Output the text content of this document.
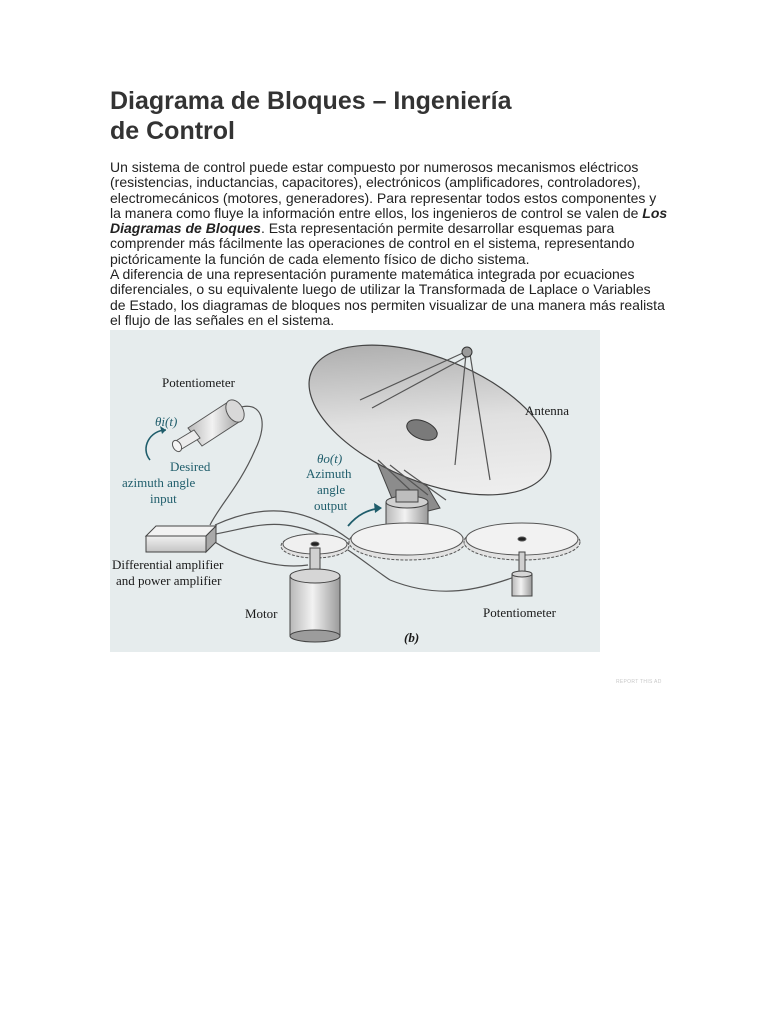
Diagrama de Bloques – Ingeniería
de Control

Un sistema de control puede estar compuesto por numerosos mecanismos eléctricos (resistencias, inductancias, capacitores), electrónicos (amplificadores, controladores), electromecánicos (motores, generadores). Para representar todos estos componentes y la manera como fluye la información entre ellos, los ingenieros de control se valen de Los Diagramas de Bloques. Esta representación permite desarrollar esquemas para comprender más fácilmente las operaciones de control en el sistema, representando pictóricamente la función de cada elemento físico de dicho sistema.

A diferencia de una representación puramente matemática integrada por ecuaciones diferenciales, o su equivalente luego de utilizar la Transformada de Laplace o Variables de Estado, los diagramas de bloques nos permiten visualizar de una manera más realista el flujo de las señales en el sistema.

Potentiometer
θi(t)
Desired
azimuth angle
input
θo(t)
Azimuth
angle
output
Antenna
Differential amplifier
and power amplifier
Motor	Potentiometer
(b)
REPORT THIS AD
